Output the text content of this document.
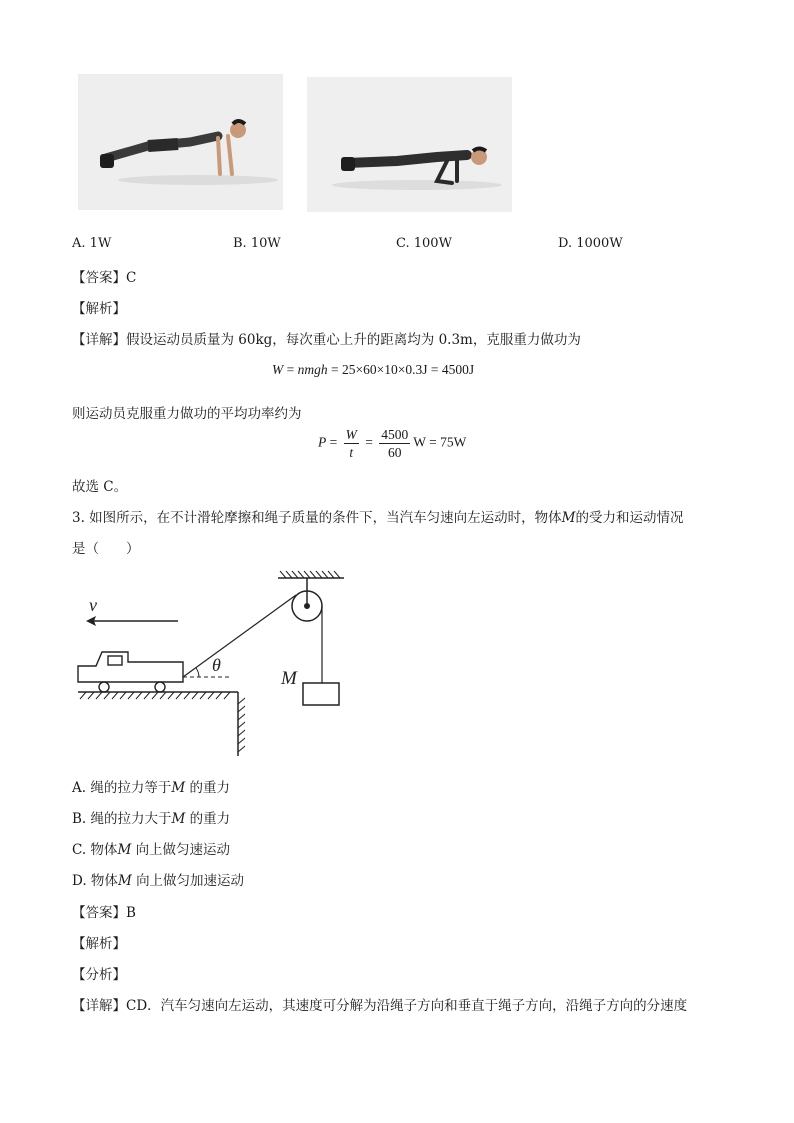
A. 1W	B. 10W	C. 100W	D. 1000W
【答案】C
【解析】
【详解】假设运动员质量为 60kg，每次重心上升的距离均为 0.3m，克服重力做功为
W = nmgh = 25×60×10×0.3J = 4500J
则运动员克服重力做功的平均功率约为
$P = \frac{W}{t} = \frac{4500}{60}$ W = 75W
故选 C。
3. 如图所示，在不计滑轮摩擦和绳子质量的条件下，当汽车匀速向左运动时，物体M的受力和运动情况
是（　　）
M
v
θ
A. 绳的拉力等于M 的重力
B. 绳的拉力大于M 的重力
C. 物体M 向上做匀速运动
D. 物体M 向上做匀加速运动
【答案】B
【解析】
【分析】
【详解】CD．汽车匀速向左运动，其速度可分解为沿绳子方向和垂直于绳子方向，沿绳子方向的分速度
